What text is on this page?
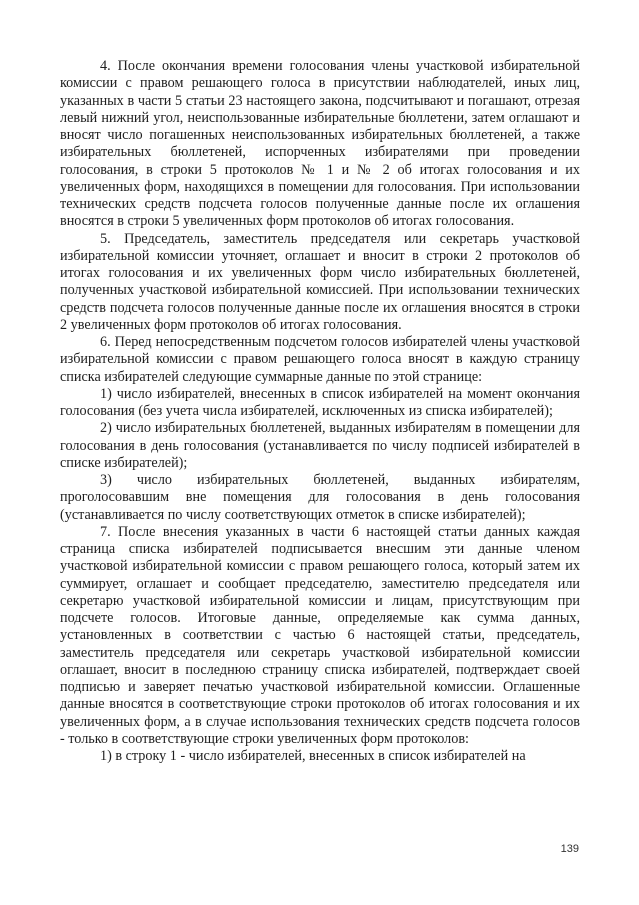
4. После окончания времени голосования члены участковой избирательной комиссии с правом решающего голоса в присутствии наблюдателей, иных лиц, указанных в части 5 статьи 23 настоящего закона, подсчитывают и погашают, отрезая левый нижний угол, неиспользованные избирательные бюллетени, затем оглашают и вносят число погашенных неиспользованных избирательных бюллетеней, а также избирательных бюллетеней, испорченных избирателями при проведении голосования, в строки 5 протоколов № 1 и № 2 об итогах голосования и их увеличенных форм, находящихся в помещении для голосования. При использовании технических средств подсчета голосов полученные данные после их оглашения вносятся в строки 5 увеличенных форм протоколов об итогах голосования.

5. Председатель, заместитель председателя или секретарь участковой избирательной комиссии уточняет, оглашает и вносит в строки 2 протоколов об итогах голосования и их увеличенных форм число избирательных бюллетеней, полученных участковой избирательной комиссией. При использовании технических средств подсчета голосов полученные данные после их оглашения вносятся в строки 2 увеличенных форм протоколов об итогах голосования.

6. Перед непосредственным подсчетом голосов избирателей члены участковой избирательной комиссии с правом решающего голоса вносят в каждую страницу списка избирателей следующие суммарные данные по этой странице:

1) число избирателей, внесенных в список избирателей на момент окончания голосования (без учета числа избирателей, исключенных из списка избирателей);

2) число избирательных бюллетеней, выданных избирателям в помещении для голосования в день голосования (устанавливается по числу подписей избирателей в списке избирателей);

3) число избирательных бюллетеней, выданных избирателям, проголосовавшим вне помещения для голосования в день голосования (устанавливается по числу соответствующих отметок в списке избирателей);

7. После внесения указанных в части 6 настоящей статьи данных каждая страница списка избирателей подписывается внесшим эти данные членом участковой избирательной комиссии с правом решающего голоса, который затем их суммирует, оглашает и сообщает председателю, заместителю председателя или секретарю участковой избирательной комиссии и лицам, присутствующим при подсчете голосов. Итоговые данные, определяемые как сумма данных, установленных в соответствии с частью 6 настоящей статьи, председатель, заместитель председателя или секретарь участковой избирательной комиссии оглашает, вносит в последнюю страницу списка избирателей, подтверждает своей подписью и заверяет печатью участковой избирательной комиссии. Оглашенные данные вносятся в соответствующие строки протоколов об итогах голосования и их увеличенных форм, а в случае использования технических средств подсчета голосов - только в соответствующие строки увеличенных форм протоколов:

1) в строку 1 - число избирателей, внесенных в список избирателей на

139
